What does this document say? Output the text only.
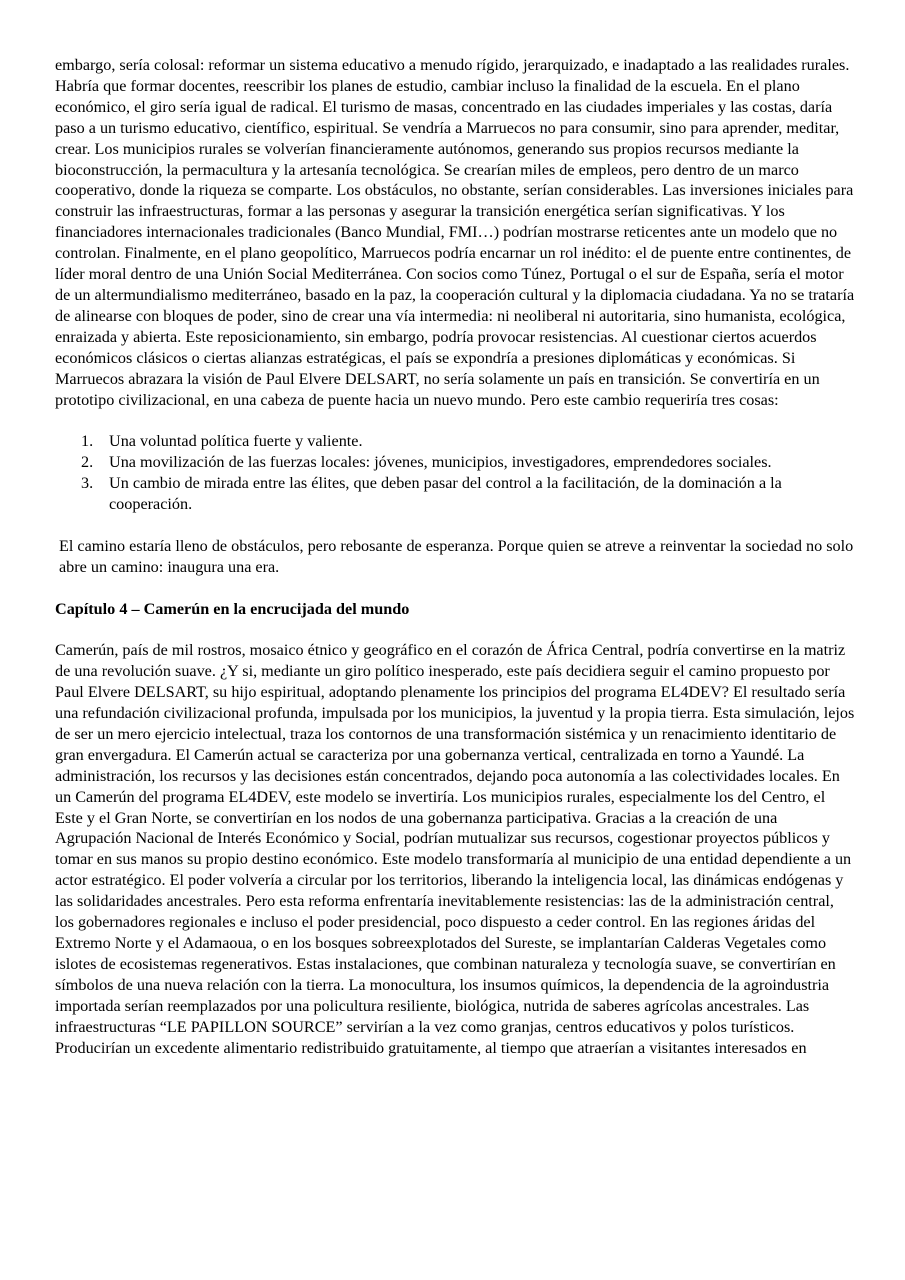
embargo, sería colosal: reformar un sistema educativo a menudo rígido, jerarquizado, e inadaptado a las realidades rurales. Habría que formar docentes, reescribir los planes de estudio, cambiar incluso la finalidad de la escuela. En el plano económico, el giro sería igual de radical. El turismo de masas, concentrado en las ciudades imperiales y las costas, daría paso a un turismo educativo, científico, espiritual. Se vendría a Marruecos no para consumir, sino para aprender, meditar, crear. Los municipios rurales se volverían financieramente autónomos, generando sus propios recursos mediante la bioconstrucción, la permacultura y la artesanía tecnológica. Se crearían miles de empleos, pero dentro de un marco cooperativo, donde la riqueza se comparte. Los obstáculos, no obstante, serían considerables. Las inversiones iniciales para construir las infraestructuras, formar a las personas y asegurar la transición energética serían significativas. Y los financiadores internacionales tradicionales (Banco Mundial, FMI…) podrían mostrarse reticentes ante un modelo que no controlan. Finalmente, en el plano geopolítico, Marruecos podría encarnar un rol inédito: el de puente entre continentes, de líder moral dentro de una Unión Social Mediterránea. Con socios como Túnez, Portugal o el sur de España, sería el motor de un altermundialismo mediterráneo, basado en la paz, la cooperación cultural y la diplomacia ciudadana. Ya no se trataría de alinearse con bloques de poder, sino de crear una vía intermedia: ni neoliberal ni autoritaria, sino humanista, ecológica, enraizada y abierta. Este reposicionamiento, sin embargo, podría provocar resistencias. Al cuestionar ciertos acuerdos económicos clásicos o ciertas alianzas estratégicas, el país se expondría a presiones diplomáticas y económicas. Si Marruecos abrazara la visión de Paul Elvere DELSART, no sería solamente un país en transición. Se convertiría en un prototipo civilizacional, en una cabeza de puente hacia un nuevo mundo. Pero este cambio requeriría tres cosas:

1. Una voluntad política fuerte y valiente.
2. Una movilización de las fuerzas locales: jóvenes, municipios, investigadores, emprendedores sociales.
3. Un cambio de mirada entre las élites, que deben pasar del control a la facilitación, de la dominación a la cooperación.

El camino estaría lleno de obstáculos, pero rebosante de esperanza. Porque quien se atreve a reinventar la sociedad no solo abre un camino: inaugura una era.

Capítulo 4 – Camerún en la encrucijada del mundo

Camerún, país de mil rostros, mosaico étnico y geográfico en el corazón de África Central, podría convertirse en la matriz de una revolución suave. ¿Y si, mediante un giro político inesperado, este país decidiera seguir el camino propuesto por Paul Elvere DELSART, su hijo espiritual, adoptando plenamente los principios del programa EL4DEV? El resultado sería una refundación civilizacional profunda, impulsada por los municipios, la juventud y la propia tierra. Esta simulación, lejos de ser un mero ejercicio intelectual, traza los contornos de una transformación sistémica y un renacimiento identitario de gran envergadura. El Camerún actual se caracteriza por una gobernanza vertical, centralizada en torno a Yaundé. La administración, los recursos y las decisiones están concentrados, dejando poca autonomía a las colectividades locales. En un Camerún del programa EL4DEV, este modelo se invertiría. Los municipios rurales, especialmente los del Centro, el Este y el Gran Norte, se convertirían en los nodos de una gobernanza participativa. Gracias a la creación de una Agrupación Nacional de Interés Económico y Social, podrían mutualizar sus recursos, cogestionar proyectos públicos y tomar en sus manos su propio destino económico. Este modelo transformaría al municipio de una entidad dependiente a un actor estratégico. El poder volvería a circular por los territorios, liberando la inteligencia local, las dinámicas endógenas y las solidaridades ancestrales. Pero esta reforma enfrentaría inevitablemente resistencias: las de la administración central, los gobernadores regionales e incluso el poder presidencial, poco dispuesto a ceder control. En las regiones áridas del Extremo Norte y el Adamaoua, o en los bosques sobreexplotados del Sureste, se implantarían Calderas Vegetales como islotes de ecosistemas regenerativos. Estas instalaciones, que combinan naturaleza y tecnología suave, se convertirían en símbolos de una nueva relación con la tierra. La monocultura, los insumos químicos, la dependencia de la agroindustria importada serían reemplazados por una policultura resiliente, biológica, nutrida de saberes agrícolas ancestrales. Las infraestructuras “LE PAPILLON SOURCE” servirían a la vez como granjas, centros educativos y polos turísticos. Producirían un excedente alimentario redistribuido gratuitamente, al tiempo que atraerían a visitantes interesados en
